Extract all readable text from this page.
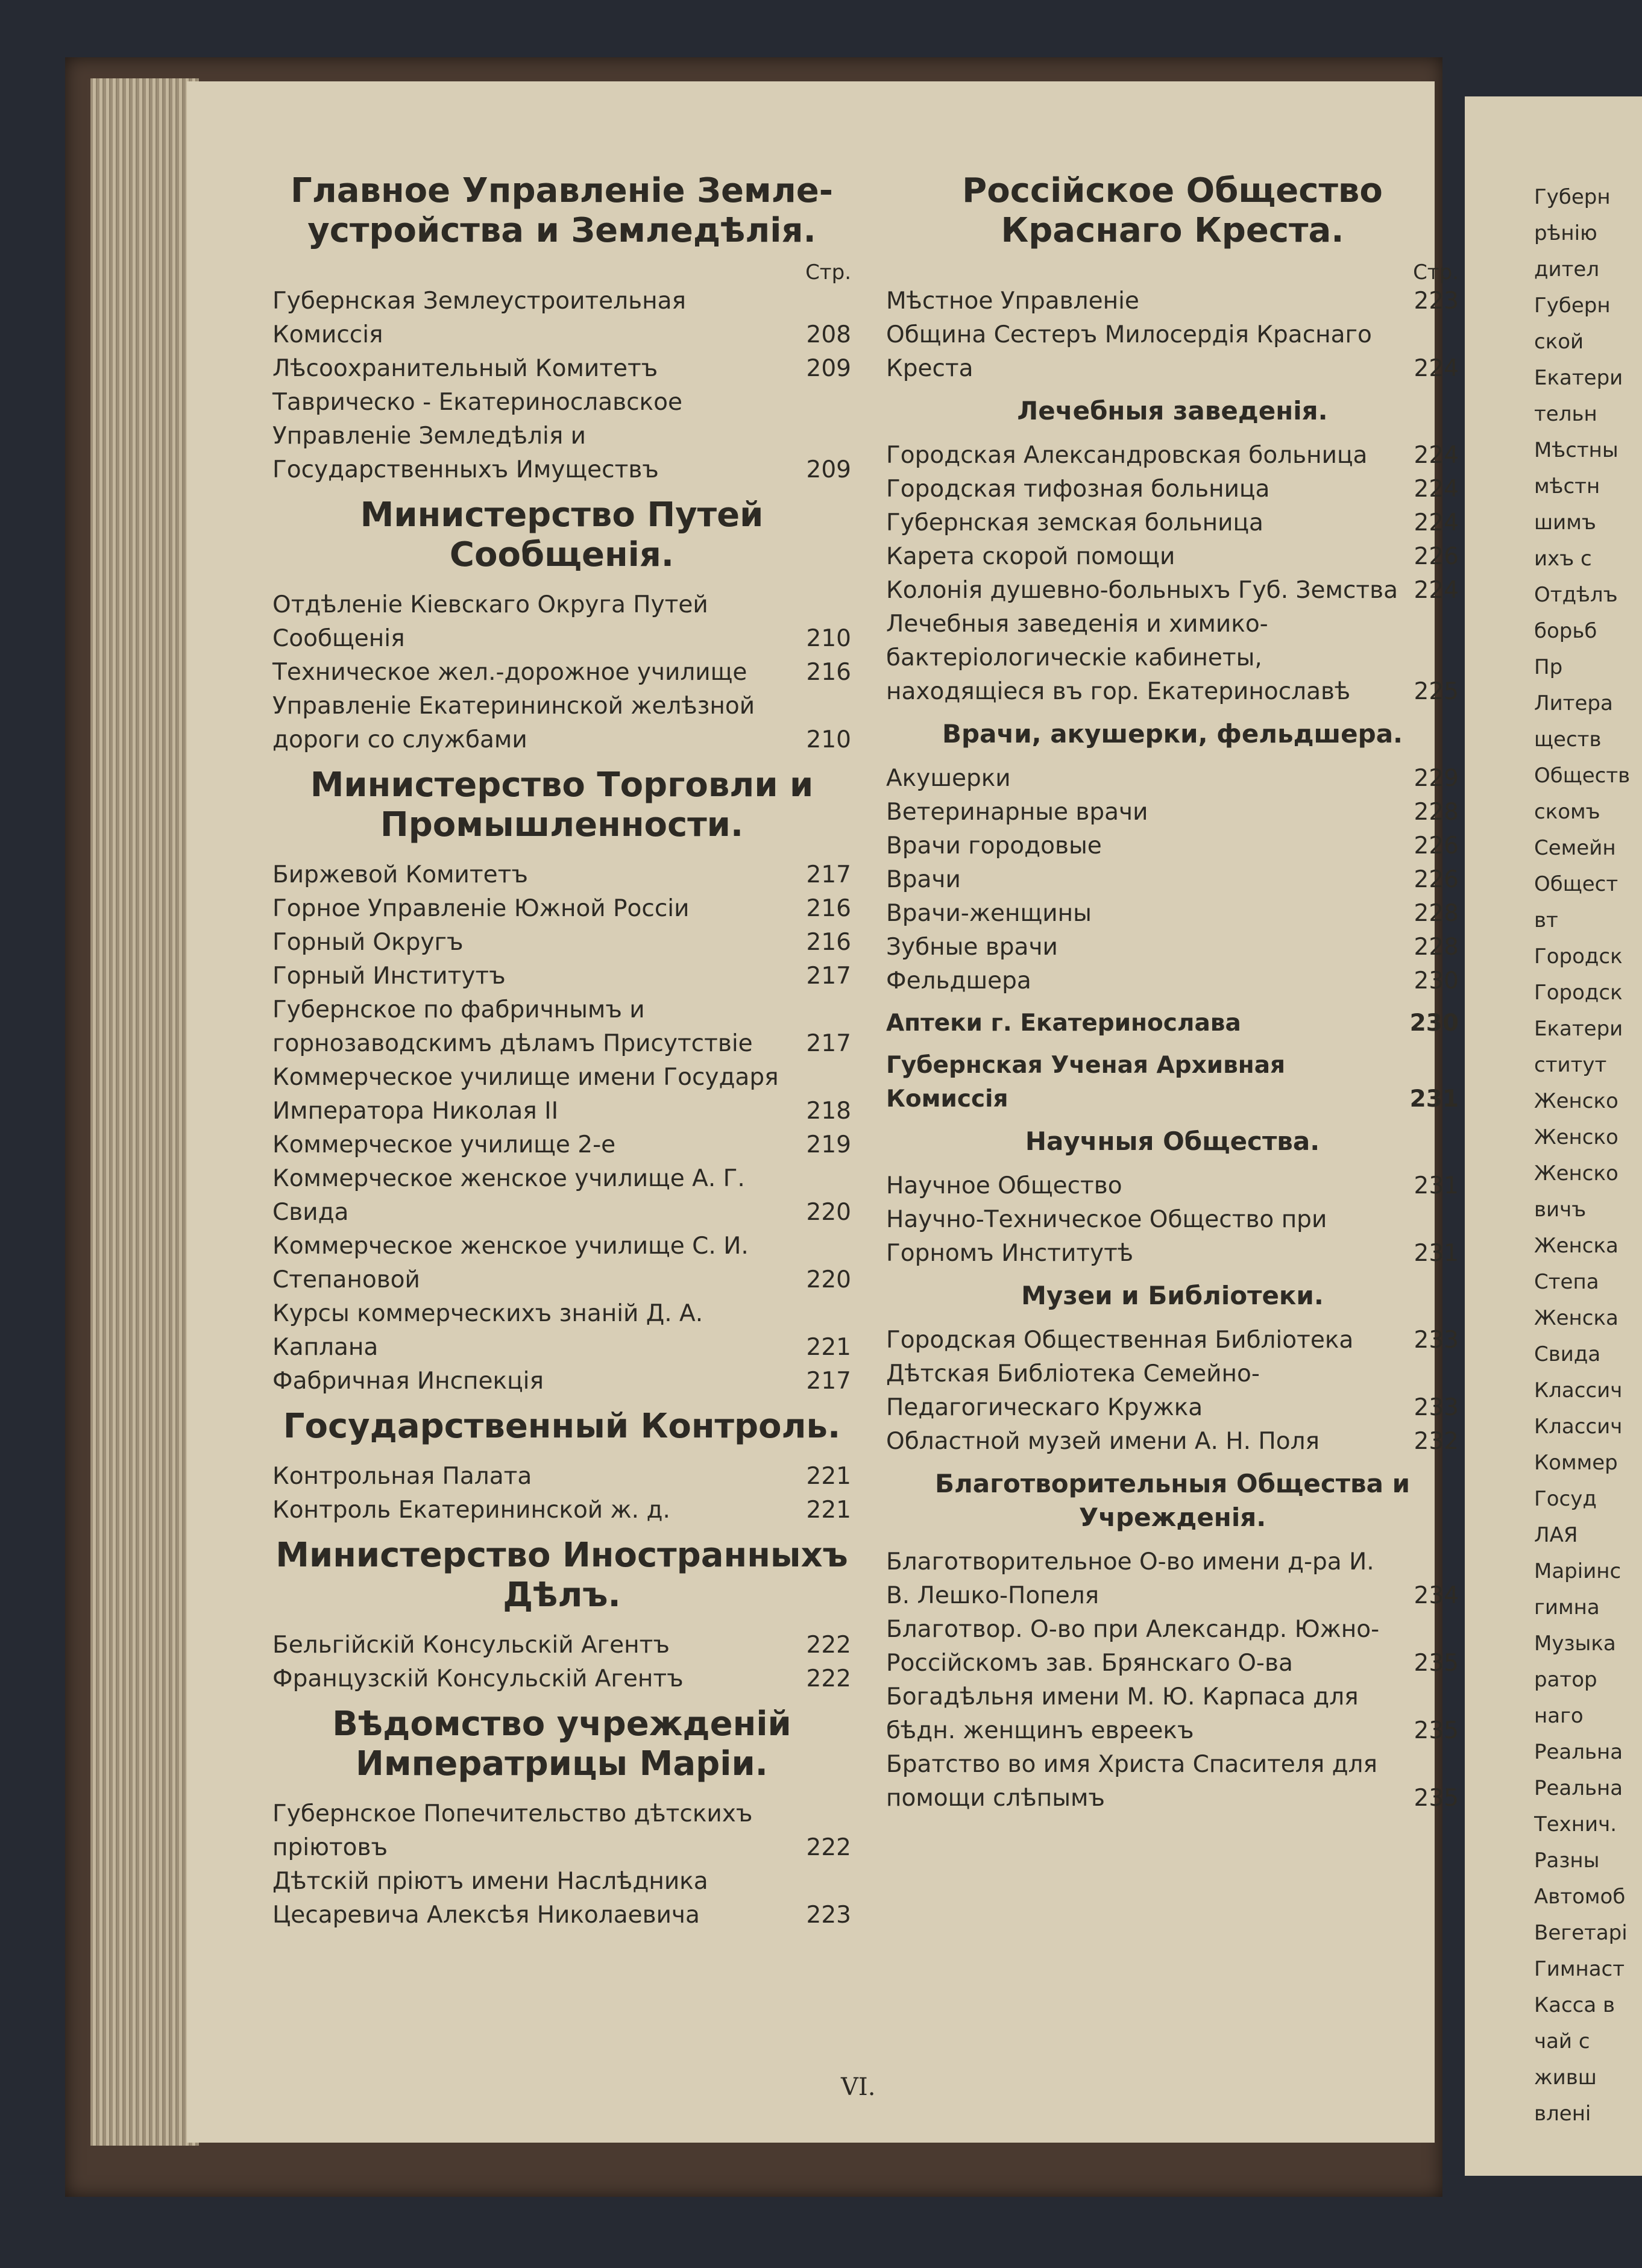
Главное Управленіе Земле-устройства и Земледѣлія.
Стр.
Губернская Землеустроительная Комиссія	208
Лѣсоохранительный Комитетъ	209
Таврическо - Екатеринославское Управленіе Земледѣлія и Государственныхъ Имуществъ	209
Министерство Путей Сообщенія.
Отдѣленіе Кіевскаго Округа Путей Сообщенія	210
Техническое жел.-дорожное училище	216
Управленіе Екатерининской желѣзной дороги со службами	210
Министерство Торговли и Промышленности.
Биржевой Комитетъ	217
Горное Управленіе Южной Россіи	216
Горный Округъ	216
Горный Институтъ	217
Губернское по фабричнымъ и горнозаводскимъ дѣламъ Присутствіе	217
Коммерческое училище имени Государя Императора Николая II	218
Коммерческое училище 2-е	219
Коммерческое женское училище А. Г. Свида	220
Коммерческое женское училище С. И. Степановой	220
Курсы коммерческихъ знаній Д. А. Каплана	221
Фабричная Инспекція	217
Государственный Контроль.
Контрольная Палата	221
Контроль Екатерининской ж. д.	221
Министерство Иностранныхъ Дѣлъ.
Бельгійскій Консульскій Агентъ	222
Французскій Консульскій Агентъ	222
Вѣдомство учрежденій Императрицы Маріи.
Губернское Попечительство дѣтскихъ пріютовъ	222
Дѣтскій пріютъ имени Наслѣдника Цесаревича Алексѣя Николаевича	223
Россійское Общество Краснаго Креста.
Стр.
Мѣстное Управленіе	223
Община Сестеръ Милосердія Краснаго Креста	224
Лечебныя заведенія.
Городская Александровская больница	224
Городская тифозная больница	224
Губернская земская больница	224
Карета скорой помощи	226
Колонія душевно-больныхъ Губ. Земства 224
Лечебныя заведенія и химико-бактеріологическіе кабинеты, находящіеся въ гор. Екатеринославѣ	225
Врачи, акушерки, фельдшера.
Акушерки	229
Ветеринарные врачи	228
Врачи городовые	226
Врачи	226
Врачи-женщины	228
Зубные врачи	228
Фельдшера	230
Аптеки г. Екатеринослава	230
Губернская Ученая Архивная Комиссія	231
Научныя Общества.
Научное Общество	231
Научно-Техническое Общество при Горномъ Институтѣ	231
Музеи и Библіотеки.
Городская Общественная Библіотека	233
Дѣтская Библіотека Семейно-Педагогическаго Кружка	233
Областной музей имени А. Н. Поля	232
Благотворительныя Общества и Учрежденія.
Благотворительное О-во имени д-ра И. В. Лешко-Попеля	234
Благотвор. О-во при Александр. Южно-Россійскомъ зав. Брянскаго О-ва	235
Богадѣльня имени М. Ю. Карпаса для бѣдн. женщинъ евреекъ	235
Братство во имя Христа Спасителя для помощи слѣпымъ	235
Губерн
рѣнію
дител
Губерн
ской
Екатери
тельн
Мѣстны
мѣстн
шимъ
ихъ с
Отдѣлъ
борьб
Пр
Литера
ществ
Обществ
скомъ
Семейн
Общест
вт
Городск
Городск
Екатери
ститут
Женско
Женско
Женско
вичъ
Женска
Степа
Женска
Свида
Классич
Классич
Коммер
Госуд
ЛАЯ
Маріинс
гимна
Музыка
ратор
наго
Реальна
Реальна
Технич.
Разны
Автомоб
Вегетарі
Гимнаст
Касса в
чай с
живш
вленi
VI.
